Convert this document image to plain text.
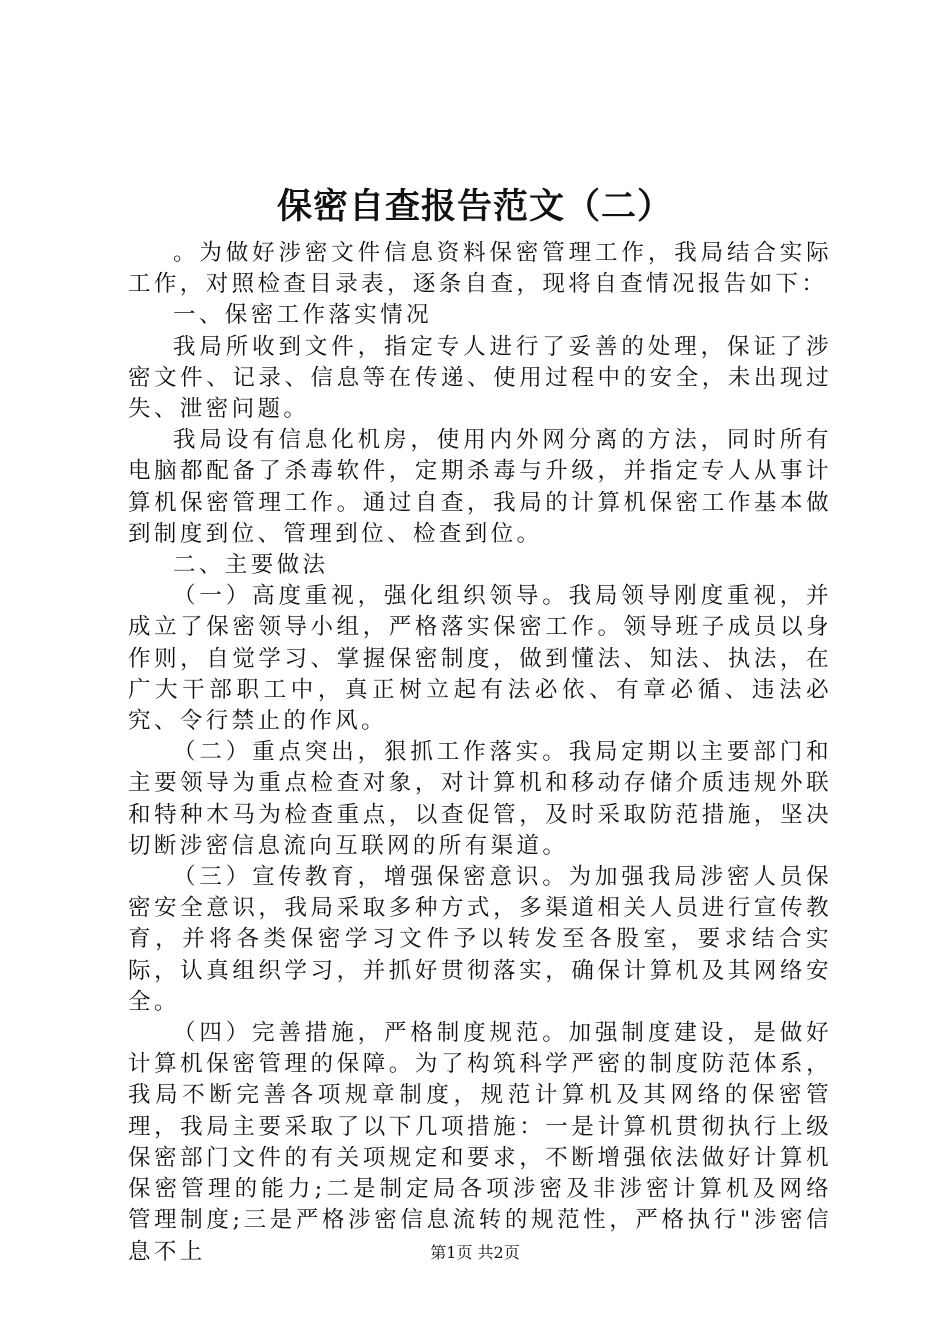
保密自查报告范文（二）

。为做好涉密文件信息资料保密管理工作，我局结合实际工作，对照检查目录表，逐条自查，现将自查情况报告如下：

一、保密工作落实情况

我局所收到文件，指定专人进行了妥善的处理，保证了涉密文件、记录、信息等在传递、使用过程中的安全，未出现过失、泄密问题。

我局设有信息化机房，使用内外网分离的方法，同时所有电脑都配备了杀毒软件，定期杀毒与升级，并指定专人从事计算机保密管理工作。通过自查，我局的计算机保密工作基本做到制度到位、管理到位、检查到位。

二、主要做法

（一）高度重视，强化组织领导。我局领导刚度重视，并成立了保密领导小组，严格落实保密工作。领导班子成员以身作则，自觉学习、掌握保密制度，做到懂法、知法、执法，在广大干部职工中，真正树立起有法必依、有章必循、违法必究、令行禁止的作风。

（二）重点突出，狠抓工作落实。我局定期以主要部门和主要领导为重点检查对象，对计算机和移动存储介质违规外联和特种木马为检查重点，以查促管，及时采取防范措施，坚决切断涉密信息流向互联网的所有渠道。

（三）宣传教育，增强保密意识。为加强我局涉密人员保密安全意识，我局采取多种方式，多渠道相关人员进行宣传教育，并将各类保密学习文件予以转发至各股室，要求结合实际，认真组织学习，并抓好贯彻落实，确保计算机及其网络安全。

（四）完善措施，严格制度规范。加强制度建设，是做好计算机保密管理的保障。为了构筑科学严密的制度防范体系，我局不断完善各项规章制度，规范计算机及其网络的保密管理，我局主要采取了以下几项措施：一是计算机贯彻执行上级保密部门文件的有关项规定和要求，不断增强依法做好计算机保密管理的能力;二是制定局各项涉密及非涉密计算机及网络管理制度;三是严格涉密信息流转的规范性，严格执行"涉密信息不上	第1页 共2页
